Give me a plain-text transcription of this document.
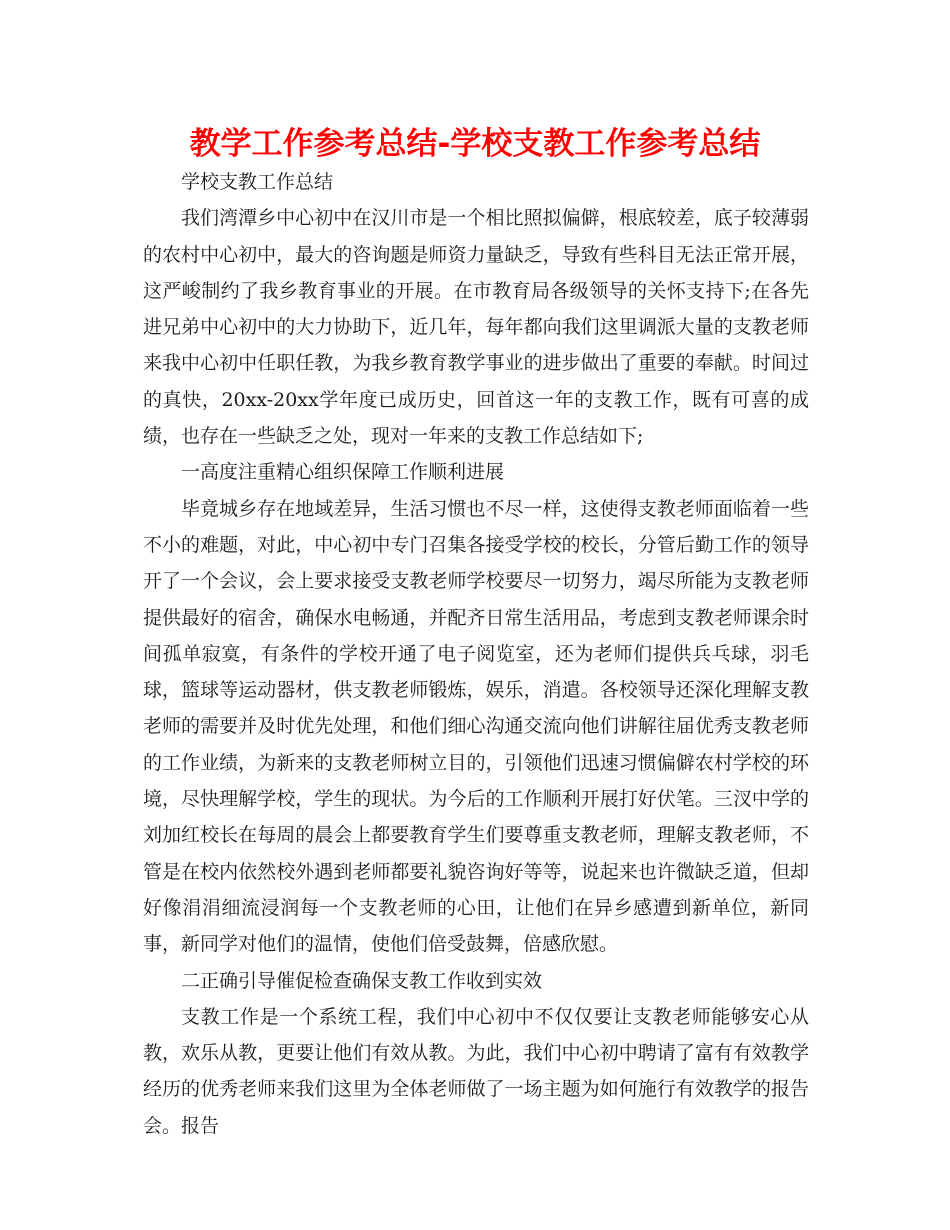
教学工作参考总结-学校支教工作参考总结

学校支教工作总结

我们湾潭乡中心初中在汉川市是一个相比照拟偏僻，根底较差，底子较薄弱的农村中心初中，最大的咨询题是师资力量缺乏，导致有些科目无法正常开展，这严峻制约了我乡教育事业的开展。在市教育局各级领导的关怀支持下;在各先进兄弟中心初中的大力协助下，近几年，每年都向我们这里调派大量的支教老师来我中心初中任职任教，为我乡教育教学事业的进步做出了重要的奉献。时间过的真快，20xx-20xx学年度已成历史，回首这一年的支教工作，既有可喜的成绩，也存在一些缺乏之处，现对一年来的支教工作总结如下;

一高度注重精心组织保障工作顺利进展

毕竟城乡存在地域差异，生活习惯也不尽一样，这使得支教老师面临着一些不小的难题，对此，中心初中专门召集各接受学校的校长，分管后勤工作的领导开了一个会议，会上要求接受支教老师学校要尽一切努力，竭尽所能为支教老师提供最好的宿舍，确保水电畅通，并配齐日常生活用品，考虑到支教老师课余时间孤单寂寞，有条件的学校开通了电子阅览室，还为老师们提供兵乓球，羽毛球，篮球等运动器材，供支教老师锻炼，娱乐，消遣。各校领导还深化理解支教老师的需要并及时优先处理，和他们细心沟通交流向他们讲解往届优秀支教老师的工作业绩，为新来的支教老师树立目的，引领他们迅速习惯偏僻农村学校的环境，尽快理解学校，学生的现状。为今后的工作顺利开展打好伏笔。三汊中学的刘加红校长在每周的晨会上都要教育学生们要尊重支教老师，理解支教老师，不管是在校内依然校外遇到老师都要礼貌咨询好等等，说起来也许微缺乏道，但却好像涓涓细流浸润每一个支教老师的心田，让他们在异乡感遭到新单位，新同事，新同学对他们的温情，使他们倍受鼓舞，倍感欣慰。

二正确引导催促检查确保支教工作收到实效

支教工作是一个系统工程，我们中心初中不仅仅要让支教老师能够安心从教，欢乐从教，更要让他们有效从教。为此，我们中心初中聘请了富有有效教学经历的优秀老师来我们这里为全体老师做了一场主题为如何施行有效教学的报告会。报告
